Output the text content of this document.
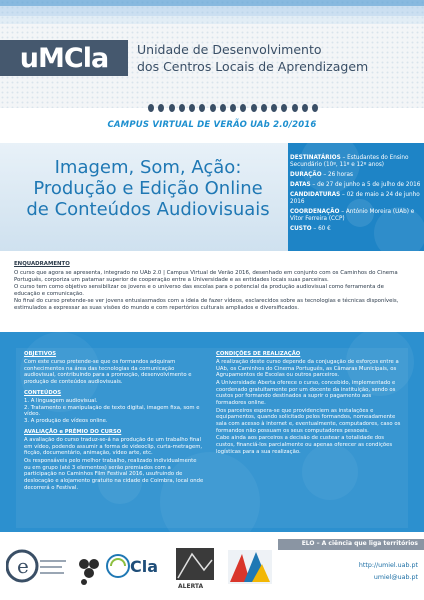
uMCla Unidade de Desenvolvimento
dos Centros Locais de Aprendizagem
CAMPUS VIRTUAL DE VERÃO UAb 2.0/2016
Imagem, Som, Ação:
Produção e Edição Online
de Conteúdos Audiovisuais
DESTINATÁRIOS – Estudantes do Ensino Secundário (10º, 11º e 12º anos)
DURAÇÃO – 26 horas
DATAS – de 27 de junho a 5 de julho de 2016
CANDIDATURAS – 02 de maio a 24 de junho 2016
COORDENAÇÃO – António Moreira (UAb) e Vitor Ferreira (CCP)
CUSTO – 60 €
ENQUADRAMENTO

O curso que agora se apresenta, integrado no UAb 2.0 | Campus Virtual de Verão 2016, desenhado em conjunto com os Caminhos do Cinema Português, corporiza um patamar superior de cooperação entre a Universidade e as entidades locais suas parceiras.

O curso tem como objetivo sensibilizar os jovens e o universo das escolas para o potencial da produção audiovisual como ferramenta de educação e comunicação.

No final do curso pretende-se ver jovens entusiasmados com a ideia de fazer vídeos, esclarecidos sobre as tecnologias e técnicas disponíveis, estimulados a expressar as suas visões do mundo e com repertórios culturais ampliados e diversificados.

OBJETIVOS

Com este curso pretende-se que os formandos adquiram conhecimentos na área das tecnologias da comunicação audiovisual, contribuindo para a promoção, desenvolvimento e produção de conteúdos audiovisuais.

CONTEÚDOS
1. A linguagem audiovisual.
2. Tratamento e manipulação de texto digital, imagem fixa, som e vídeo.
3. A produção de vídeos online.
AVALIAÇÃO e PRÉMIO DO CURSO

A avaliação do curso traduz-se-á na produção de um trabalho final em vídeo, podendo assumir a forma de videoclip, curta-metragem, ficção, documentário, animação, vídeo arte, etc.

Os responsáveis pelo melhor trabalho, realizado individualmente ou em grupo (até 3 elementos) serão premiados com a participação no Caminhos Film Festival 2016, usufruindo de deslocação e alojamento gratuito na cidade de Coimbra, local onde decorrerá o Festival.

CONDIÇÕES DE REALIZAÇÃO

A realização deste curso depende da conjugação de esforços entre a UAb, os Caminhos do Cinema Português, as Câmaras Municipais, os Agrupamentos de Escolas ou outros parceiros.

A Universidade Aberta oferece o curso, concebido, implementado e coordenado gratuitamente por um docente da instituição, sendo os custos por formando destinados a suprir o pagamento aos formadores online.

Dos parceiros espera-se que providenciem as instalações e equipamentos, quando solicitado pelos formandos, nomeadamente sala com acesso à internet e, eventualmente, computadores, caso os formandos não possuam os seus computadores pessoais.

Cabe ainda aos parceiros a decisão de custear a totalidade dos custos, financiá-los parcialmente ou apenas oferecer as condições logísticas para a sua realização.

e	Cla
ALERTA
ELO – A ciência que liga territórios
http://umiel.uab.pt
umiel@uab.pt
